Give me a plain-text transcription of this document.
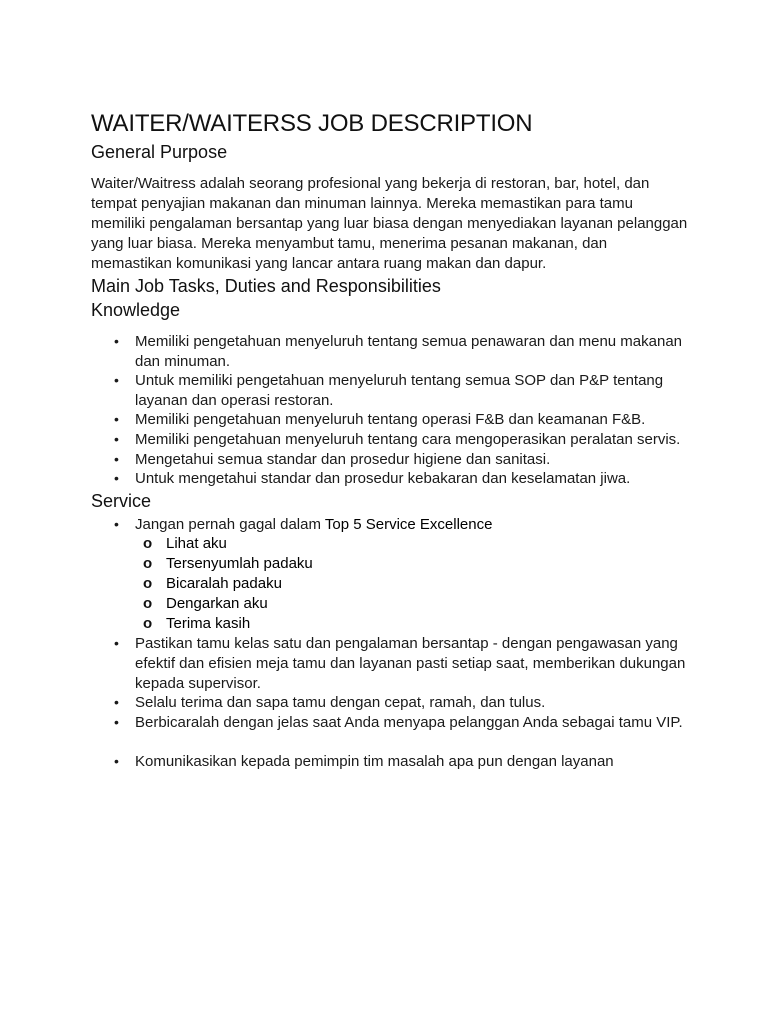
WAITER/WAITERSS JOB DESCRIPTION
General Purpose

Waiter/Waitress adalah seorang profesional yang bekerja di restoran, bar, hotel, dan tempat penyajian makanan dan minuman lainnya. Mereka memastikan para tamu memiliki pengalaman bersantap yang luar biasa dengan menyediakan layanan pelanggan yang luar biasa. Mereka menyambut tamu, menerima pesanan makanan, dan memastikan komunikasi yang lancar antara ruang makan dan dapur.

Main Job Tasks, Duties and Responsibilities
Knowledge
• Memiliki pengetahuan menyeluruh tentang semua penawaran dan menu makanan dan minuman.
• Untuk memiliki pengetahuan menyeluruh tentang semua SOP dan P&P tentang layanan dan operasi restoran.
• Memiliki pengetahuan menyeluruh tentang operasi F&B dan keamanan F&B.
• Memiliki pengetahuan menyeluruh tentang cara mengoperasikan peralatan servis.
• Mengetahui semua standar dan prosedur higiene dan sanitasi.
• Untuk mengetahui standar dan prosedur kebakaran dan keselamatan jiwa.
Service
• Jangan pernah gagal dalam Top 5 Service Excellence
o Lihat aku
o Tersenyumlah padaku
o Bicaralah padaku
o Dengarkan aku
o Terima kasih
• Pastikan tamu kelas satu dan pengalaman bersantap - dengan pengawasan yang efektif dan efisien meja tamu dan layanan pasti setiap saat, memberikan dukungan kepada supervisor.
• Selalu terima dan sapa tamu dengan cepat, ramah, dan tulus.
• Berbicaralah dengan jelas saat Anda menyapa pelanggan Anda sebagai tamu VIP.
• Komunikasikan kepada pemimpin tim masalah apa pun dengan layanan
